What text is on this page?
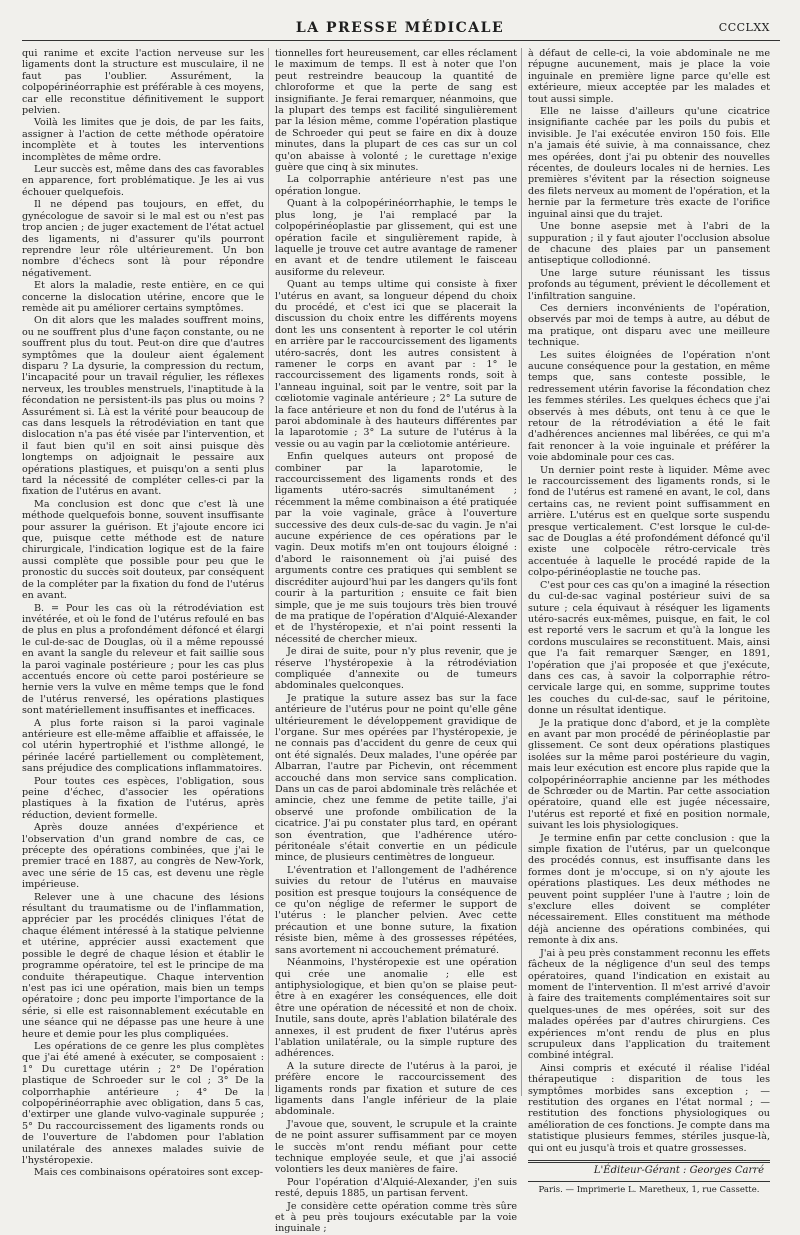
LA PRESSE MÉDICALE	CCCLXX

qui ranime et excite l'action nerveuse sur les ligaments dont la structure est musculaire, il ne faut pas l'oublier. Assurément, la colpopérinéorraphie est préférable à ces moyens, car elle reconstitue définitivement le support pelvien.

Voilà les limites que je dois, de par les faits, assigner à l'action de cette méthode opératoire incomplète et à toutes les interventions incomplètes de même ordre.

Leur succès est, même dans des cas favorables en apparence, fort problématique. Je les ai vus échouer quelquefois.

Il ne dépend pas toujours, en effet, du gynécologue de savoir si le mal est ou n'est pas trop ancien ; de juger exactement de l'état actuel des ligaments, ni d'assurer qu'ils pourront reprendre leur rôle ultérieurement. Un bon nombre d'échecs sont là pour répondre négativement.

Et alors la maladie, reste entière, en ce qui concerne la dislocation utérine, encore que le remède ait pu améliorer certains symptômes.

On dit alors que les malades souffrent moins, ou ne souffrent plus d'une façon constante, ou ne souffrent plus du tout. Peut-on dire que d'autres symptômes que la douleur aient également disparu ? La dysurie, la compression du rectum, l'incapacité pour un travail régulier, les réflexes nerveux, les troubles menstruels, l'inaptitude à la fécondation ne persistent-ils pas plus ou moins ? Assurément si. Là est la vérité pour beaucoup de cas dans lesquels la rétrodéviation en tant que dislocation n'a pas été visée par l'intervention, et il faut bien qu'il en soit ainsi puisque dès longtemps on adjoignait le pessaire aux opérations plastiques, et puisqu'on a senti plus tard la nécessité de compléter celles-ci par la fixation de l'utérus en avant.

Ma conclusion est donc que c'est là une méthode quelquefois bonne, souvent insuffisante pour assurer la guérison. Et j'ajoute encore ici que, puisque cette méthode est de nature chirurgicale, l'indication logique est de la faire aussi complète que possible pour peu que le pronostic du succès soit douteux, par conséquent de la compléter par la fixation du fond de l'utérus en avant.

B. = Pour les cas où la rétrodéviation est invétérée, et où le fond de l'utérus refoulé en bas de plus en plus a profondément défoncé et élargi le cul-de-sac de Douglas, où il a même repoussé en avant la sangle du releveur et fait saillie sous la paroi vaginale postérieure ; pour les cas plus accentués encore où cette paroi postérieure se hernie vers la vulve en même temps que le fond de l'utérus renversé, les opérations plastiques sont matériellement insuffisantes et inefficaces.

A plus forte raison si la paroi vaginale antérieure est elle-même affaiblie et affaissée, le col utérin hypertrophié et l'isthme allongé, le périnée lacéré partiellement ou complètement, sans préjudice des complications inflammatoires.

Pour toutes ces espèces, l'obligation, sous peine d'échec, d'associer les opérations plastiques à la fixation de l'utérus, après réduction, devient formelle.

Après douze années d'expérience et l'observation d'un grand nombre de cas, ce précepte des opérations combinées, que j'ai le premier tracé en 1887, au congrès de New-York, avec une série de 15 cas, est devenu une règle impérieuse.

Relever une à une chacune des lésions résultant du traumatisme ou de l'inflammation, apprécier par les procédés cliniques l'état de chaque élément intéressé à la statique pelvienne et utérine, apprécier aussi exactement que possible le degré de chaque lésion et établir le programme opératoire, tel est le principe de ma conduite thérapeutique. Chaque intervention n'est pas ici une opération, mais bien un temps opératoire ; donc peu importe l'importance de la série, si elle est raisonnablement exécutable en une séance qui ne dépasse pas une heure à une heure et demie pour les plus compliquées.

Les opérations de ce genre les plus complètes que j'ai été amené à exécuter, se composaient : 1° Du curettage utérin ; 2° De l'opération plastique de Schroeder sur le col ; 3° De la colporrhaphie antérieure ; 4° De la colpopérinéorraphie avec obligation, dans 5 cas, d'extirper une glande vulvo-vaginale suppurée ; 5° Du raccourcissement des ligaments ronds ou de l'ouverture de l'abdomen pour l'ablation unilatérale des annexes malades suivie de l'hystéropexie.

Mais ces combinaisons opératoires sont excep-

tionnelles fort heureusement, car elles réclament le maximum de temps. Il est à noter que l'on peut restreindre beaucoup la quantité de chloroforme et que la perte de sang est insignifiante. Je ferai remarquer, néanmoins, que la plupart des temps est facilité singulièrement par la lésion même, comme l'opération plastique de Schroeder qui peut se faire en dix à douze minutes, dans la plupart de ces cas sur un col qu'on abaisse à volonté ; le curettage n'exige guère que cinq à six minutes.

La colporraphie antérieure n'est pas une opération longue.

Quant à la colpopérinéorrhaphie, le temps le plus long, je l'ai remplacé par la colpopérinéoplastie par glissement, qui est une opération facile et singulièrement rapide, à laquelle je trouve cet autre avantage de ramener en avant et de tendre utilement le faisceau ausiforme du releveur.

Quant au temps ultime qui consiste à fixer l'utérus en avant, sa longueur dépend du choix du procédé, et c'est ici que se placerait la discussion du choix entre les différents moyens dont les uns consentent à reporter le col utérin en arrière par le raccourcissement des ligaments utéro-sacrés, dont les autres consistent à ramener le corps en avant par : 1° le raccourcissement des ligaments ronds, soit à l'anneau inguinal, soit par le ventre, soit par la cœliotomie vaginale antérieure ; 2° La suture de la face antérieure et non du fond de l'utérus à la paroi abdominale à des hauteurs différentes par la laparotomie ; 3° La suture de l'utérus à la vessie ou au vagin par la cœliotomie antérieure.

Enfin quelques auteurs ont proposé de combiner par la laparotomie, le raccourcissement des ligaments ronds et des ligaments utéro-sacrés simultanément ; récemment la même combinaison a été pratiquée par la voie vaginale, grâce à l'ouverture successive des deux culs-de-sac du vagin. Je n'ai aucune expérience de ces opérations par le vagin. Deux motifs m'en ont toujours éloigné : d'abord le raisonnement où j'ai puisé des arguments contre ces pratiques qui semblent se discréditer aujourd'hui par les dangers qu'ils font courir à la parturition ; ensuite ce fait bien simple, que je me suis toujours très bien trouvé de ma pratique de l'opération d'Alquié-Alexander et de l'hystéropexie, et n'ai point ressenti la nécessité de chercher mieux.

Je dirai de suite, pour n'y plus revenir, que je réserve l'hystéropexie à la rétrodéviation compliquée d'annexite ou de tumeurs abdominales quelconques.

Je pratique la suture assez bas sur la face antérieure de l'utérus pour ne point qu'elle gêne ultérieurement le développement gravidique de l'organe. Sur mes opérées par l'hystéropexie, je ne connais pas d'accident du genre de ceux qui ont été signalés. Deux malades, l'une opérée par Albarran, l'autre par Pichevin, ont récemment accouché dans mon service sans complication. Dans un cas de paroi abdominale très relâchée et amincie, chez une femme de petite taille, j'ai observé une profonde ombilication de la cicatrice. J'ai pu constater plus tard, en opérant son éventration, que l'adhérence utéro-péritonéale s'était convertie en un pédicule mince, de plusieurs centimètres de longueur.

L'éventration et l'allongement de l'adhérence suivies du retour de l'utérus en mauvaise position est presque toujours la conséquence de ce qu'on néglige de refermer le support de l'utérus : le plancher pelvien. Avec cette précaution et une bonne suture, la fixation résiste bien, même à des grossesses répétées, sans avortement ni accouchement prématuré.

Néanmoins, l'hystéropexie est une opération qui crée une anomalie ; elle est antiphysiologique, et bien qu'on se plaise peut-être à en exagérer les conséquences, elle doit être une opération de nécessité et non de choix. Inutile, sans doute, après l'ablation bilatérale des annexes, il est prudent de fixer l'utérus après l'ablation unilatérale, ou la simple rupture des adhérences.

A la suture directe de l'utérus à la paroi, je préfère encore le raccourcissement des ligaments ronds par fixation et suture de ces ligaments dans l'angle inférieur de la plaie abdominale.

J'avoue que, souvent, le scrupule et la crainte de ne point assurer suffisamment par ce moyen le succès m'ont rendu méfiant pour cette technique employée seule, et que j'ai associé volontiers les deux manières de faire.

Pour l'opération d'Alquié-Alexander, j'en suis resté, depuis 1885, un partisan fervent.

Je considère cette opération comme très sûre et à peu près toujours exécutable par la voie inguinale ;

à défaut de celle-ci, la voie abdominale ne me répugne aucunement, mais je place la voie inguinale en première ligne parce qu'elle est extérieure, mieux acceptée par les malades et tout aussi simple.

Elle ne laisse d'ailleurs qu'une cicatrice insignifiante cachée par les poils du pubis et invisible. Je l'ai exécutée environ 150 fois. Elle n'a jamais été suivie, à ma connaissance, chez mes opérées, dont j'ai pu obtenir des nouvelles récentes, de douleurs locales ni de hernies. Les premières s'évitent par la résection soigneuse des filets nerveux au moment de l'opération, et la hernie par la fermeture très exacte de l'orifice inguinal ainsi que du trajet.

Une bonne asepsie met à l'abri de la suppuration ; il y faut ajouter l'occlusion absolue de chacune des plaies par un pansement antiseptique collodionné.

Une large suture réunissant les tissus profonds au tégument, prévient le décollement et l'infiltration sanguine.

Ces derniers inconvénients de l'opération, observés par moi de temps à autre, au début de ma pratique, ont disparu avec une meilleure technique.

Les suites éloignées de l'opération n'ont aucune conséquence pour la gestation, en même temps que, sans conteste possible, le redressement utérin favorise la fécondation chez les femmes stériles. Les quelques échecs que j'ai observés à mes débuts, ont tenu à ce que le retour de la rétrodéviation a été le fait d'adhérences anciennes mal libérées, ce qui m'a fait renoncer à la voie inguinale et préférer la voie abdominale pour ces cas.

Un dernier point reste à liquider. Même avec le raccourcissement des ligaments ronds, si le fond de l'utérus est ramené en avant, le col, dans certains cas, ne revient point suffisamment en arrière. L'utérus est en quelque sorte suspendu presque verticalement. C'est lorsque le cul-de-sac de Douglas a été profondément défoncé qu'il existe une colpocèle rétro-cervicale très accentuée à laquelle le procédé rapide de la colpo-périnéoplastie ne touche pas.

C'est pour ces cas qu'on a imaginé la résection du cul-de-sac vaginal postérieur suivi de sa suture ; cela équivaut à réséquer les ligaments utéro-sacrés eux-mêmes, puisque, en fait, le col est reporté vers le sacrum et qu'à la longue les cordons musculaires se reconstituent. Mais, ainsi que l'a fait remarquer Sænger, en 1891, l'opération que j'ai proposée et que j'exécute, dans ces cas, à savoir la colporraphie rétro-cervicale large qui, en somme, supprime toutes les couches du cul-de-sac, sauf le péritoine, donne un résultat identique.

Je la pratique donc d'abord, et je la complète en avant par mon procédé de périnéoplastie par glissement. Ce sont deux opérations plastiques isolées sur la même paroi postérieure du vagin, mais leur exécution est encore plus rapide que la colpopérinéorraphie ancienne par les méthodes de Schrœder ou de Martin. Par cette association opératoire, quand elle est jugée nécessaire, l'utérus est reporté et fixé en position normale, suivant les lois physiologiques.

Je termine enfin par cette conclusion : que la simple fixation de l'utérus, par un quelconque des procédés connus, est insuffisante dans les formes dont je m'occupe, si on n'y ajoute les opérations plastiques. Les deux méthodes ne peuvent point suppléer l'une à l'autre ; loin de s'exclure elles doivent se compléter nécessairement. Elles constituent ma méthode déjà ancienne des opérations combinées, qui remonte à dix ans.

J'ai à peu près constamment reconnu les effets fâcheux de la négligence d'un seul des temps opératoires, quand l'indication en existait au moment de l'intervention. Il m'est arrivé d'avoir à faire des traitements complémentaires soit sur quelques-unes de mes opérées, soit sur des malades opérées par d'autres chirurgiens. Ces expériences m'ont rendu de plus en plus scrupuleux dans l'application du traitement combiné intégral.

Ainsi compris et exécuté il réalise l'idéal thérapeutique : disparition de tous les symptômes morbides sans exception ; — restitution des organes en l'état normal ; — restitution des fonctions physiologiques ou amélioration de ces fonctions. Je compte dans ma statistique plusieurs femmes, stériles jusque-là, qui ont eu jusqu'à trois et quatre grossesses.

L'Éditeur-Gérant : Georges Carré
Paris. — Imprimerie L. Maretheux, 1, rue Cassette.
